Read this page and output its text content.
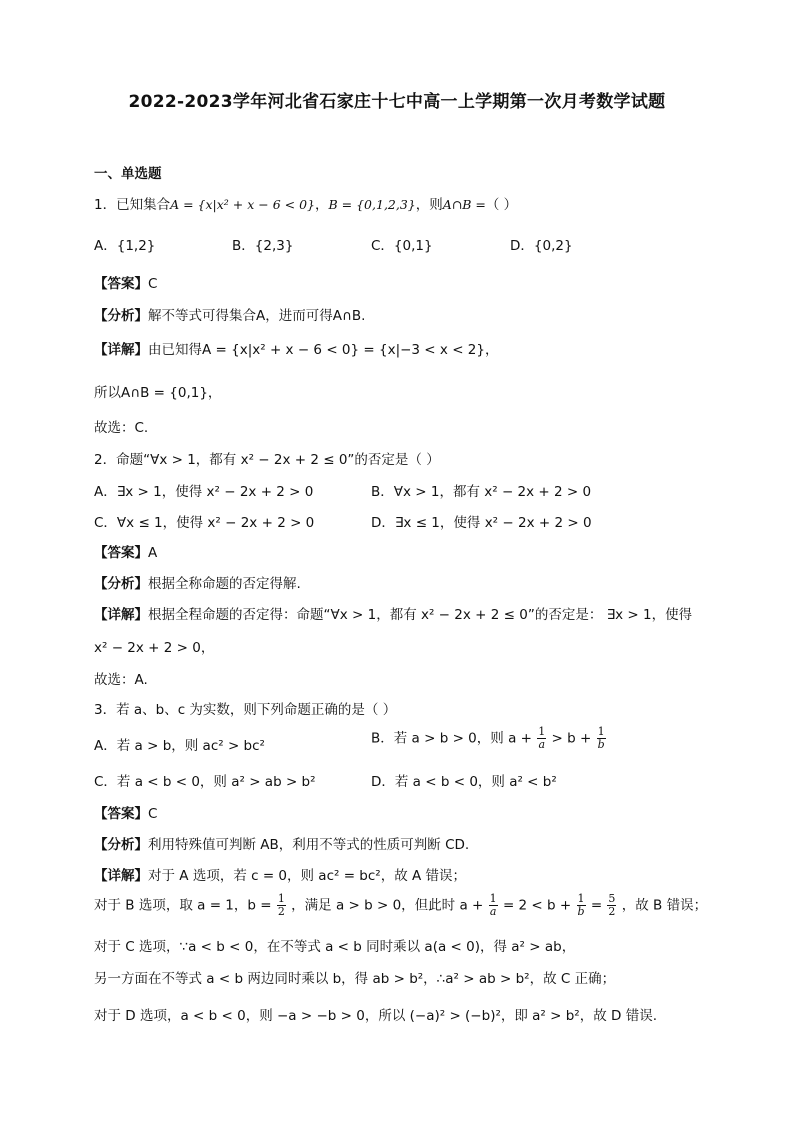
2022-2023学年河北省石家庄十七中高一上学期第一次月考数学试题
一、单选题
1．已知集合A = {x|x² + x − 6 < 0}，B = {0,1,2,3}，则A∩B =（ ）
A．{1,2}	B．{2,3}	C．{0,1}	D．{0,2}
【答案】C
【分析】解不等式可得集合A，进而可得A∩B.
【详解】由已知得A = {x|x² + x − 6 < 0} = {x|−3 < x < 2}，
所以A∩B = {0,1}，
故选：C.
2．命题“∀x > 1，都有 x² − 2x + 2 ≤ 0”的否定是（ ）
A．∃x > 1，使得 x² − 2x + 2 > 0	B．∀x > 1，都有 x² − 2x + 2 > 0
C．∀x ≤ 1，使得 x² − 2x + 2 > 0	D．∃x ≤ 1，使得 x² − 2x + 2 > 0
【答案】A
【分析】根据全称命题的否定得解.
【详解】根据全程命题的否定得：命题“∀x > 1，都有 x² − 2x + 2 ≤ 0”的否定是： ∃x > 1，使得
x² − 2x + 2 > 0，
故选：A.
3．若 a、b、c 为实数，则下列命题正确的是（ ）
A．若 a > b，则 ac² > bc²	B．若 a > b > 0，则 $a + \frac{1}{a} > b + \frac{1}{b}$
C．若 a < b < 0，则 a² > ab > b²	D．若 a < b < 0，则 a² < b²
【答案】C
【分析】利用特殊值可判断 AB，利用不等式的性质可判断 CD.
【详解】对于 A 选项，若 c = 0，则 ac² = bc²，故 A 错误；
对于 B 选项，取 a = 1，$b = \frac{1}{2}$ ，满足 a > b > 0，但此时 $a + \frac{1}{a} = 2 < b + \frac{1}{b} = \frac{5}{2}$ ，故 B 错误；
对于 C 选项，∵a < b < 0，在不等式 a < b 同时乘以 a(a < 0)，得 a² > ab，
另一方面在不等式 a < b 两边同时乘以 b，得 ab > b²，∴a² > ab > b²，故 C 正确；
对于 D 选项，a < b < 0，则 −a > −b > 0，所以 (−a)² > (−b)²，即 a² > b²，故 D 错误.
